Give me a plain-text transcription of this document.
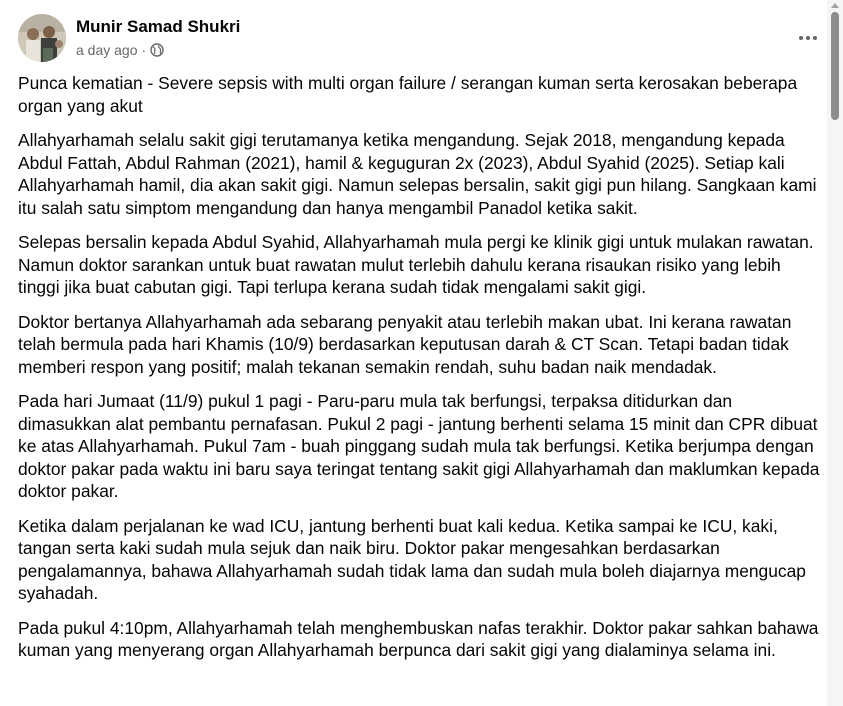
Munir Samad Shukri
a day ago ·

Punca kematian - Severe sepsis with multi organ failure / serangan kuman serta kerosakan beberapa organ yang akut

Allahyarhamah selalu sakit gigi terutamanya ketika mengandung. Sejak 2018, mengandung kepada Abdul Fattah, Abdul Rahman (2021), hamil & keguguran 2x (2023), Abdul Syahid (2025). Setiap kali Allahyarhamah hamil, dia akan sakit gigi. Namun selepas bersalin, sakit gigi pun hilang. Sangkaan kami itu salah satu simptom mengandung dan hanya mengambil Panadol ketika sakit.

Selepas bersalin kepada Abdul Syahid, Allahyarhamah mula pergi ke klinik gigi untuk mulakan rawatan. Namun doktor sarankan untuk buat rawatan mulut terlebih dahulu kerana risaukan risiko yang lebih tinggi jika buat cabutan gigi. Tapi terlupa kerana sudah tidak mengalami sakit gigi.

Doktor bertanya Allahyarhamah ada sebarang penyakit atau terlebih makan ubat. Ini kerana rawatan telah bermula pada hari Khamis (10/9) berdasarkan keputusan darah & CT Scan. Tetapi badan tidak memberi respon yang positif; malah tekanan semakin rendah, suhu badan naik mendadak.

Pada hari Jumaat (11/9) pukul 1 pagi - Paru-paru mula tak berfungsi, terpaksa ditidurkan dan dimasukkan alat pembantu pernafasan. Pukul 2 pagi - jantung berhenti selama 15 minit dan CPR dibuat ke atas Allahyarhamah. Pukul 7am - buah pinggang sudah mula tak berfungsi. Ketika berjumpa dengan doktor pakar pada waktu ini baru saya teringat tentang sakit gigi Allahyarhamah dan maklumkan kepada doktor pakar.

Ketika dalam perjalanan ke wad ICU, jantung berhenti buat kali kedua. Ketika sampai ke ICU, kaki, tangan serta kaki sudah mula sejuk dan naik biru. Doktor pakar mengesahkan berdasarkan pengalamannya, bahawa Allahyarhamah sudah tidak lama dan sudah mula boleh diajarnya mengucap syahadah.

Pada pukul 4:10pm, Allahyarhamah telah menghembuskan nafas terakhir. Doktor pakar sahkan bahawa kuman yang menyerang organ Allahyarhamah berpunca dari sakit gigi yang dialaminya selama ini.
